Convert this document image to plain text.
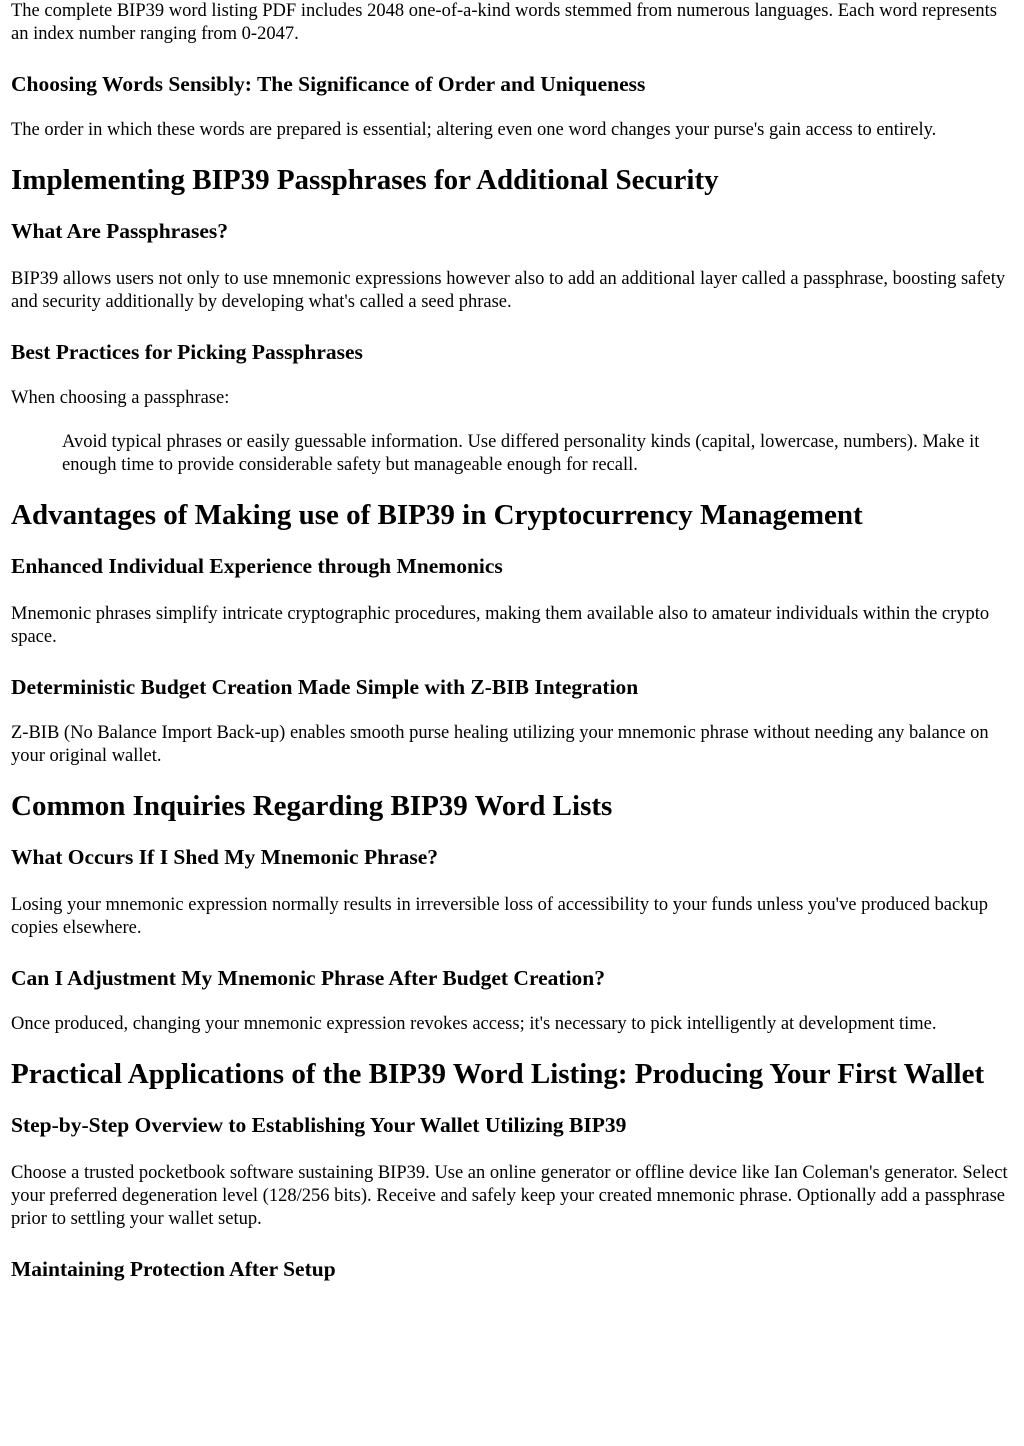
The complete BIP39 word listing PDF includes 2048 one-of-a-kind words stemmed from numerous languages. Each word represents an index number ranging from 0-2047.

Choosing Words Sensibly: The Significance of Order and Uniqueness

The order in which these words are prepared is essential; altering even one word changes your purse's gain access to entirely.

Implementing BIP39 Passphrases for Additional Security
What Are Passphrases?

BIP39 allows users not only to use mnemonic expressions however also to add an additional layer called a passphrase, boosting safety and security additionally by developing what's called a seed phrase.

Best Practices for Picking Passphrases

When choosing a passphrase:

Avoid typical phrases or easily guessable information. Use differed personality kinds (capital, lowercase, numbers). Make it enough time to provide considerable safety but manageable enough for recall.
Advantages of Making use of BIP39 in Cryptocurrency Management
Enhanced Individual Experience through Mnemonics

Mnemonic phrases simplify intricate cryptographic procedures, making them available also to amateur individuals within the crypto space.

Deterministic Budget Creation Made Simple with Z-BIB Integration

Z-BIB (No Balance Import Back-up) enables smooth purse healing utilizing your mnemonic phrase without needing any balance on your original wallet.

Common Inquiries Regarding BIP39 Word Lists
What Occurs If I Shed My Mnemonic Phrase?

Losing your mnemonic expression normally results in irreversible loss of accessibility to your funds unless you've produced backup copies elsewhere.

Can I Adjustment My Mnemonic Phrase After Budget Creation?

Once produced, changing your mnemonic expression revokes access; it's necessary to pick intelligently at development time.

Practical Applications of the BIP39 Word Listing: Producing Your First Wallet
Step-by-Step Overview to Establishing Your Wallet Utilizing BIP39

Choose a trusted pocketbook software sustaining BIP39. Use an online generator or offline device like Ian Coleman's generator. Select your preferred degeneration level (128/256 bits). Receive and safely keep your created mnemonic phrase. Optionally add a passphrase prior to settling your wallet setup.

Maintaining Protection After Setup
